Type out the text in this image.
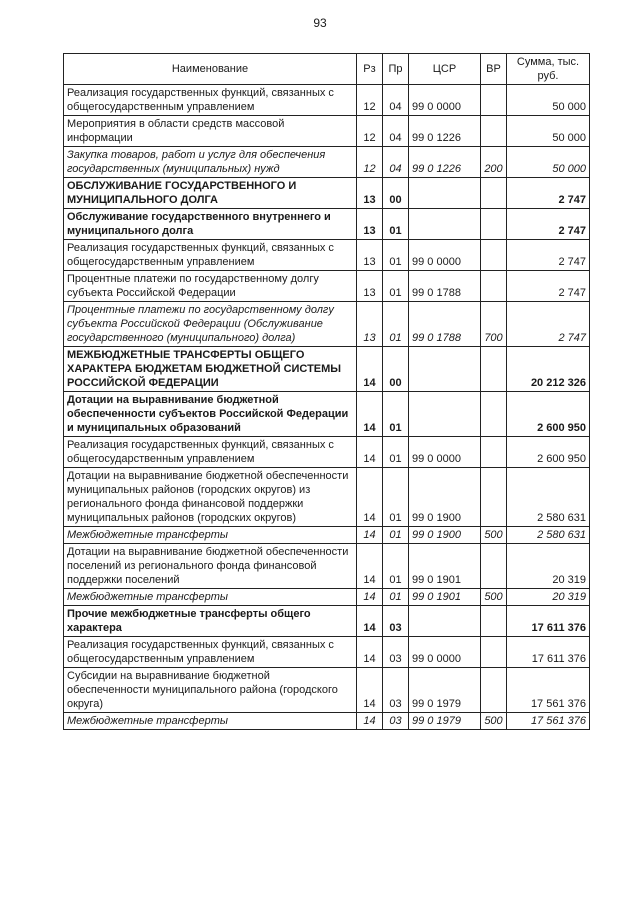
93
Наименование	Рз	Пр	ЦСР	ВР	Сумма, тыс. руб.
Реализация государственных функций, связанных с общегосударственным управлением	12	04	99 0 0000		50 000
Мероприятия в области средств массовой информации	12	04	99 0 1226		50 000
Закупка товаров, работ и услуг для обеспечения государственных (муниципальных) нужд	12	04	99 0 1226	200	50 000
ОБСЛУЖИВАНИЕ ГОСУДАРСТВЕННОГО И МУНИЦИПАЛЬНОГО ДОЛГА	13	00			2 747
Обслуживание государственного внутреннего и муниципального долга	13	01			2 747
Реализация государственных функций, связанных с общегосударственным управлением	13	01	99 0 0000		2 747
Процентные платежи по государственному долгу субъекта Российской Федерации	13	01	99 0 1788		2 747
Процентные платежи по государственному долгу субъекта Российской Федерации (Обслуживание государственного (муниципального) долга)	13	01	99 0 1788	700	2 747
МЕЖБЮДЖЕТНЫЕ ТРАНСФЕРТЫ ОБЩЕГО ХАРАКТЕРА БЮДЖЕТАМ БЮДЖЕТНОЙ СИСТЕМЫ РОССИЙСКОЙ ФЕДЕРАЦИИ	14	00			20 212 326
Дотации на выравнивание бюджетной обеспеченности субъектов Российской Федерации и муниципальных образований	14	01			2 600 950
Реализация государственных функций, связанных с общегосударственным управлением	14	01	99 0 0000		2 600 950
Дотации на выравнивание бюджетной обеспеченности муниципальных районов (городских округов) из регионального фонда финансовой поддержки муниципальных районов (городских округов)	14	01	99 0 1900		2 580 631
Межбюджетные трансферты	14	01	99 0 1900	500	2 580 631
Дотации на выравнивание бюджетной обеспеченности поселений из регионального фонда финансовой поддержки поселений	14	01	99 0 1901		20 319
Межбюджетные трансферты	14	01	99 0 1901	500	20 319
Прочие межбюджетные трансферты общего характера	14	03			17 611 376
Реализация государственных функций, связанных с общегосударственным управлением	14	03	99 0 0000		17 611 376
Субсидии на выравнивание бюджетной обеспеченности муниципального района (городского округа)	14	03	99 0 1979		17 561 376
Межбюджетные трансферты	14	03	99 0 1979	500	17 561 376
